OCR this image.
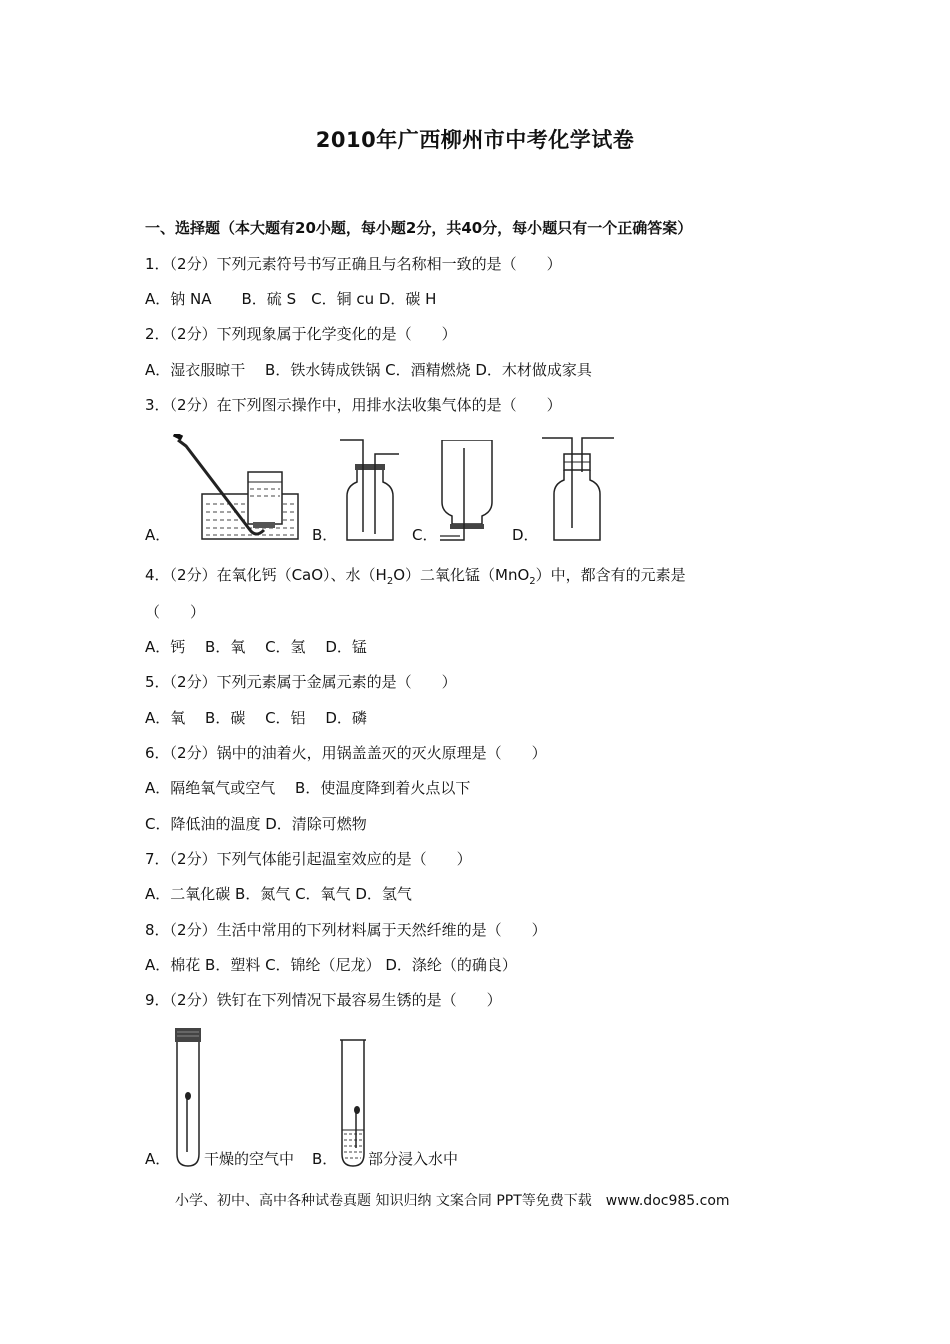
2010年广西柳州市中考化学试卷
一、选择题（本大题有20小题，每小题2分，共40分，每小题只有一个正确答案）
1．（2分）下列元素符号书写正确且与名称相一致的是（　　）
A．钠 NA　　B．硫 S　C．铜 cu D．碳 H
2．（2分）下列现象属于化学变化的是（　　）
A．湿衣服晾干　 B．铁水铸成铁锅 C．酒精燃烧 D．木材做成家具
3．（2分）在下列图示操作中，用排水法收集气体的是（　　）
A．	B．	C．	D．
4．（2分）在氧化钙（CaO）、水$(H_2O)$二氧化锰（MnO$_2$）中，都含有的元素是
（　　）
A．钙　 B．氧　 C．氢　 D．锰
5．（2分）下列元素属于金属元素的是（　　）
A．氧　 B．碳　 C．铝　 D．磷
6．（2分）锅中的油着火，用锅盖盖灭的灭火原理是（　　）
A．隔绝氧气或空气　 B．使温度降到着火点以下
C．降低油的温度 D．清除可燃物
7．（2分）下列气体能引起温室效应的是（　　）
A．二氧化碳 B．氮气 C．氧气 D．氢气
8．（2分）生活中常用的下列材料属于天然纤维的是（　　）
A．棉花 B．塑料 C．锦纶（尼龙） D．涤纶（的确良）
9．（2分）铁钉在下列情况下最容易生锈的是（　　）
A． 干燥的空气中 B． 部分浸入水中
小学、初中、高中各种试卷真题 知识归纳 文案合同 PPT等免费下载　www.doc985.com
